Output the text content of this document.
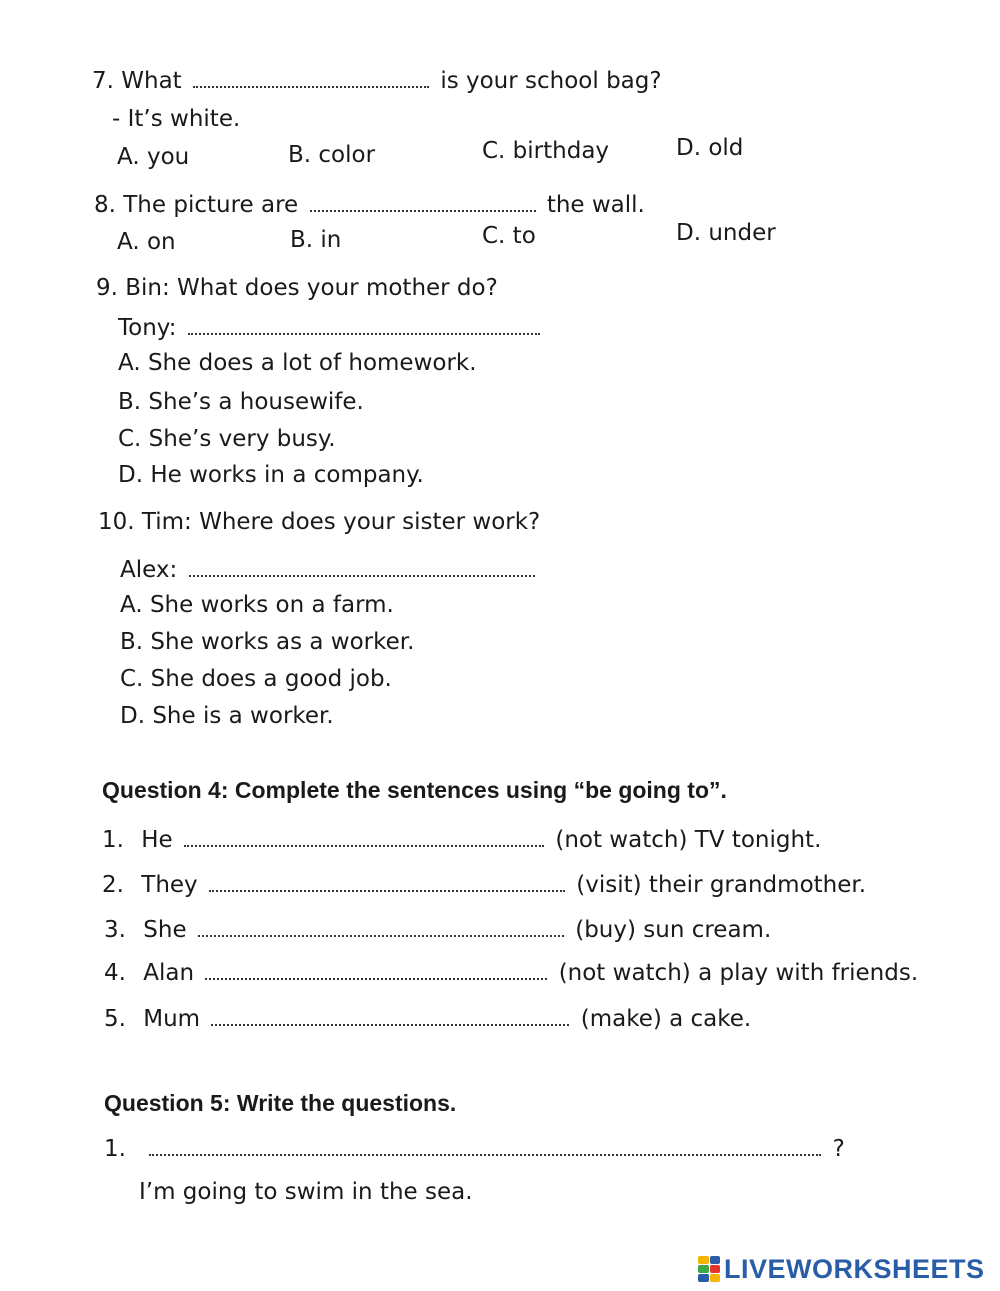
7. What	is your school bag?
- It’s white.
A. you	B. color	C. birthday	D. old
8. The picture are	the wall.
A. on	B. in	C. to	D. under
9. Bin: What does your mother do?
Tony:
A. She does a lot of homework.
B. She’s a housewife.
C. She’s very busy.
D. He works in a company.
10. Tim: Where does your sister work?
Alex:
A. She works on a farm.
B. She works as a worker.
C. She does a good job.
D. She is a worker.
Question 4: Complete the sentences using “be going to”.
1. He	(not watch) TV tonight.
2. They	(visit) their grandmother.
3. She	(buy) sun cream.
4. Alan	(not watch) a play with friends.
5. Mum	(make) a cake.
Question 5: Write the questions.
1.	?
I’m going to swim in the sea.
LIVEWORKSHEETS
